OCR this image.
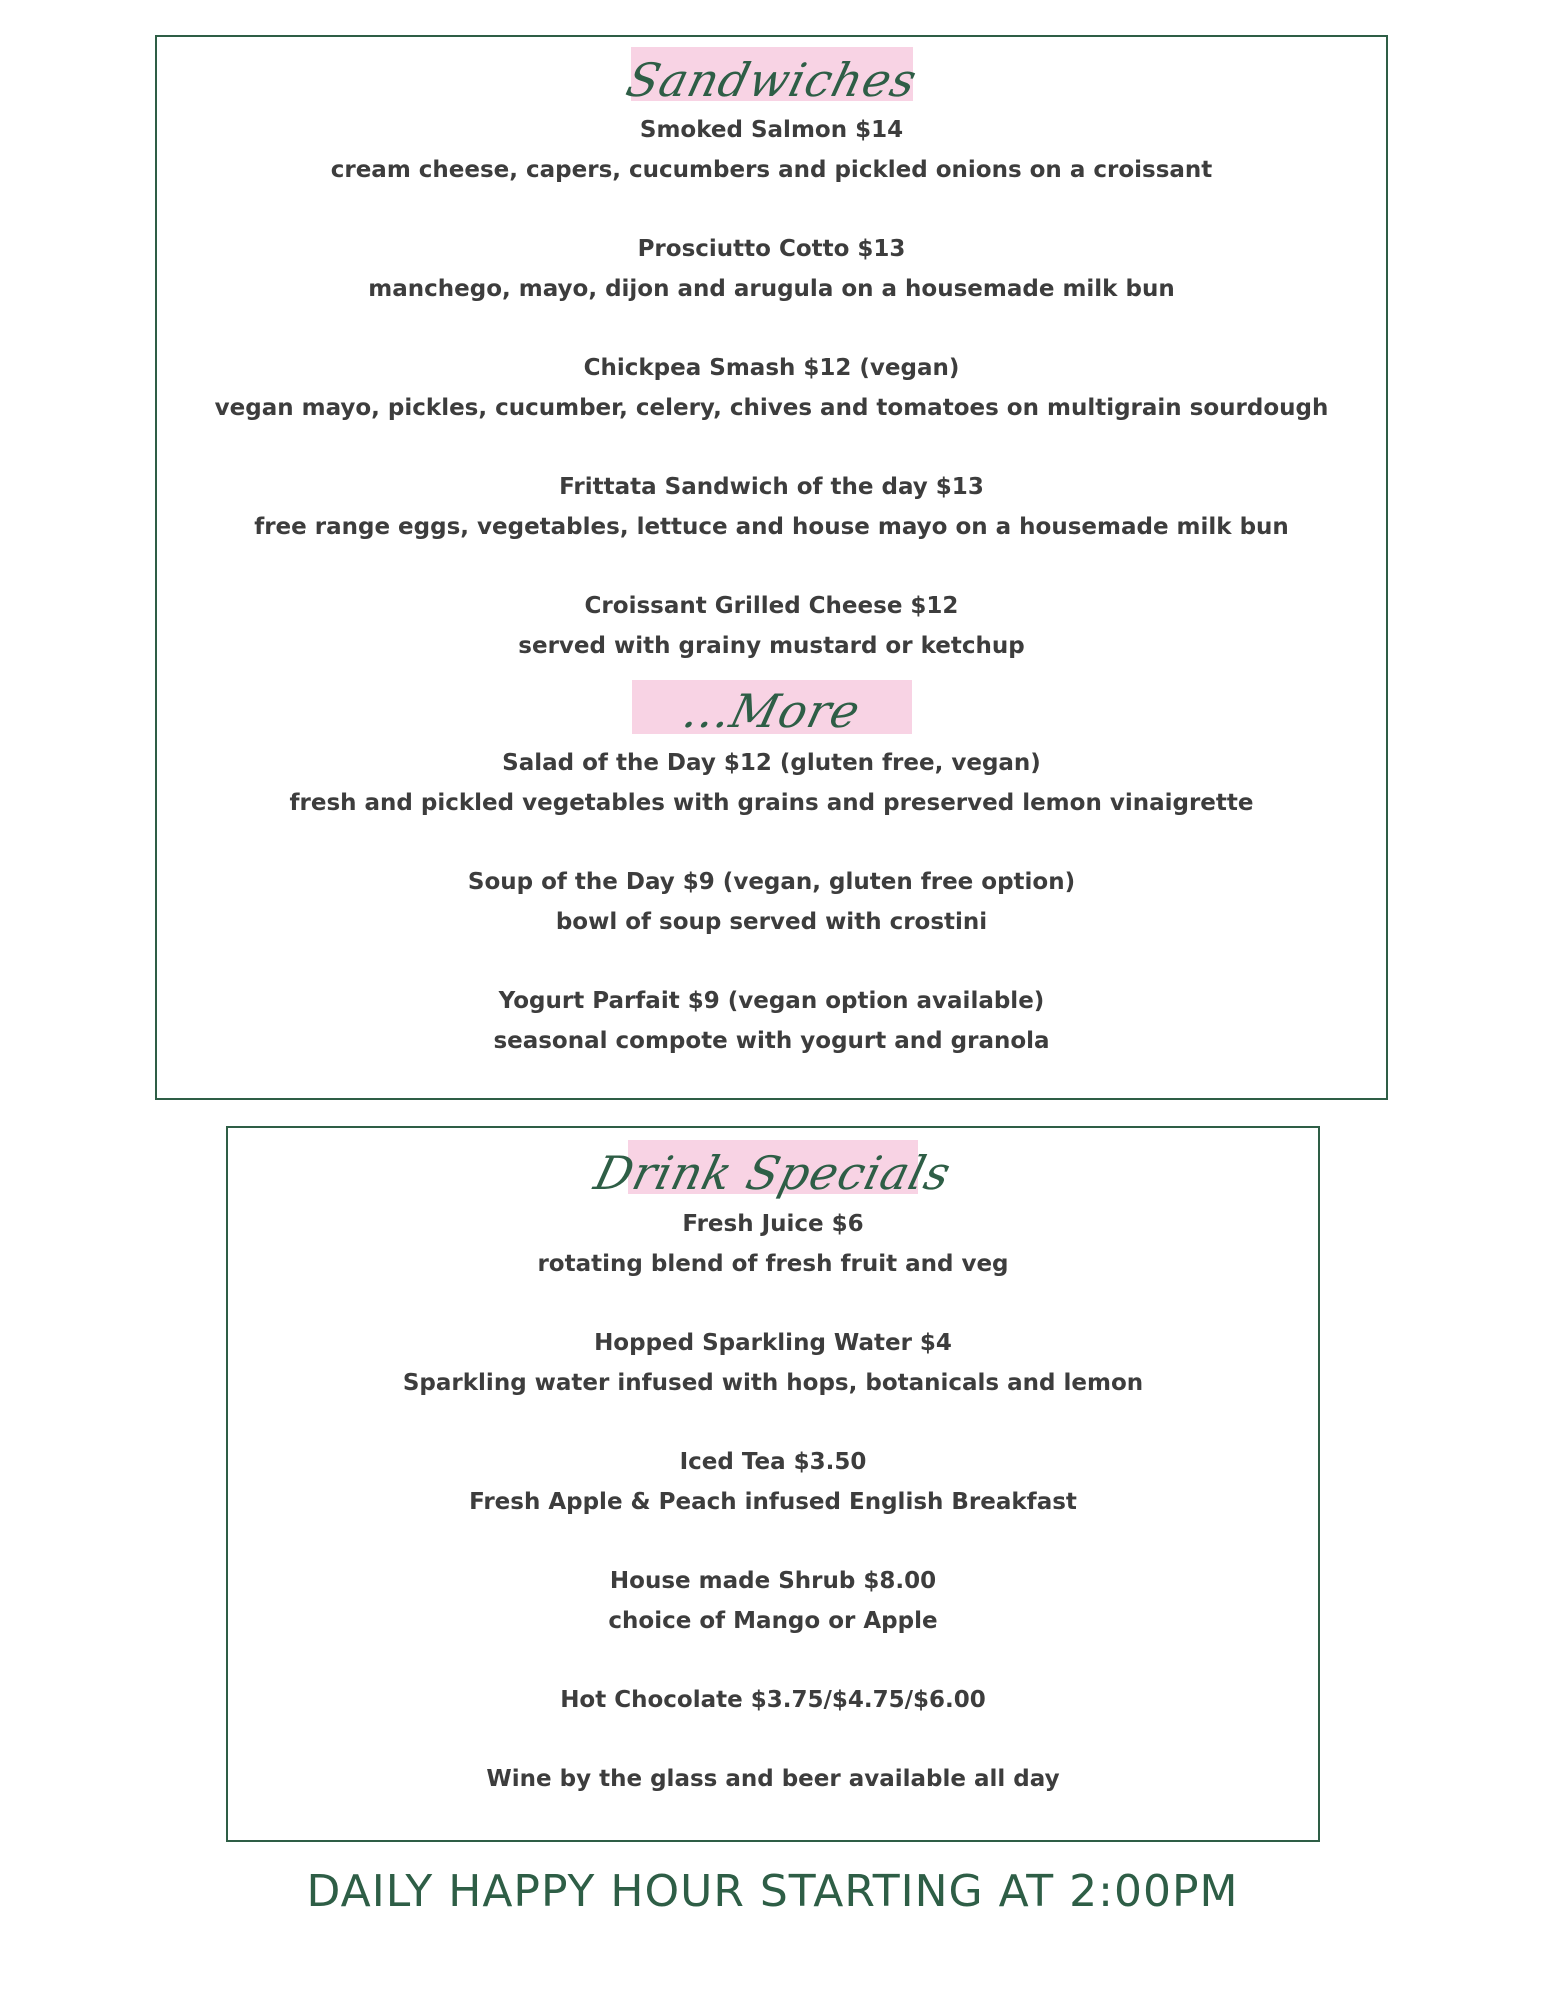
Sandwiches
Smoked Salmon $14
cream cheese, capers, cucumbers and pickled onions on a croissant
Prosciutto Cotto $13
manchego, mayo, dijon and arugula on a housemade milk bun
Chickpea Smash $12 (vegan)
vegan mayo, pickles, cucumber, celery, chives and tomatoes on multigrain sourdough
Frittata Sandwich of the day $13
free range eggs, vegetables, lettuce and house mayo on a housemade milk bun
Croissant Grilled Cheese $12
served with grainy mustard or ketchup
...More
Salad of the Day $12 (gluten free, vegan)
fresh and pickled vegetables with grains and preserved lemon vinaigrette
Soup of the Day $9 (vegan, gluten free option)
bowl of soup served with crostini
Yogurt Parfait $9 (vegan option available)
seasonal compote with yogurt and granola
Drink Specials
Fresh Juice $6
rotating blend of fresh fruit and veg
Hopped Sparkling Water $4
Sparkling water infused with hops, botanicals and lemon
Iced Tea $3.50
Fresh Apple & Peach infused English Breakfast
House made Shrub $8.00
choice of Mango or Apple
Hot Chocolate $3.75/$4.75/$6.00
Wine by the glass and beer available all day
DAILY HAPPY HOUR STARTING AT 2:00PM
